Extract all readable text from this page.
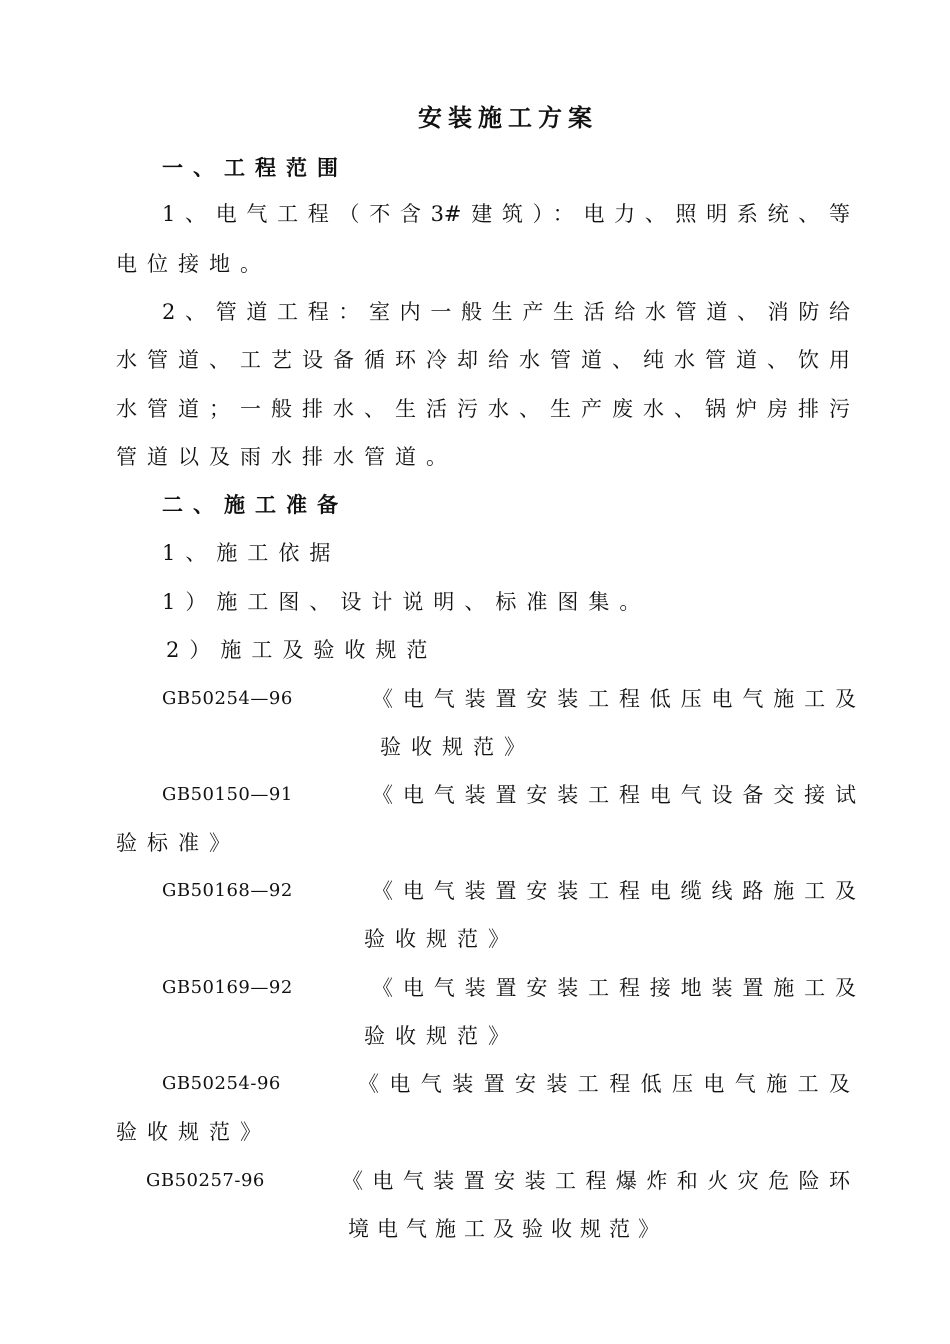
安装施工方案
一、工程范围
1、电气工程（不含3#建筑）：电力、照明系统、等
电位接地。
2、管道工程：室内一般生产生活给水管道、消防给
水管道、工艺设备循环冷却给水管道、纯水管道、饮用
水管道；一般排水、生活污水、生产废水、锅炉房排污
管道以及雨水排水管道。
二、施工准备
1、施工依据
1）施工图、设计说明、标准图集。
2）施工及验收规范
GB50254—96	《电气装置安装工程低压电气施工及
验收规范》
GB50150—91	《电气装置安装工程电气设备交接试
验标准》
GB50168—92	《电气装置安装工程电缆线路施工及
验收规范》
GB50169—92	《电气装置安装工程接地装置施工及
验收规范》
GB50254-96	《电气装置安装工程低压电气施工及
验收规范》
GB50257-96	《电气装置安装工程爆炸和火灾危险环
境电气施工及验收规范》
